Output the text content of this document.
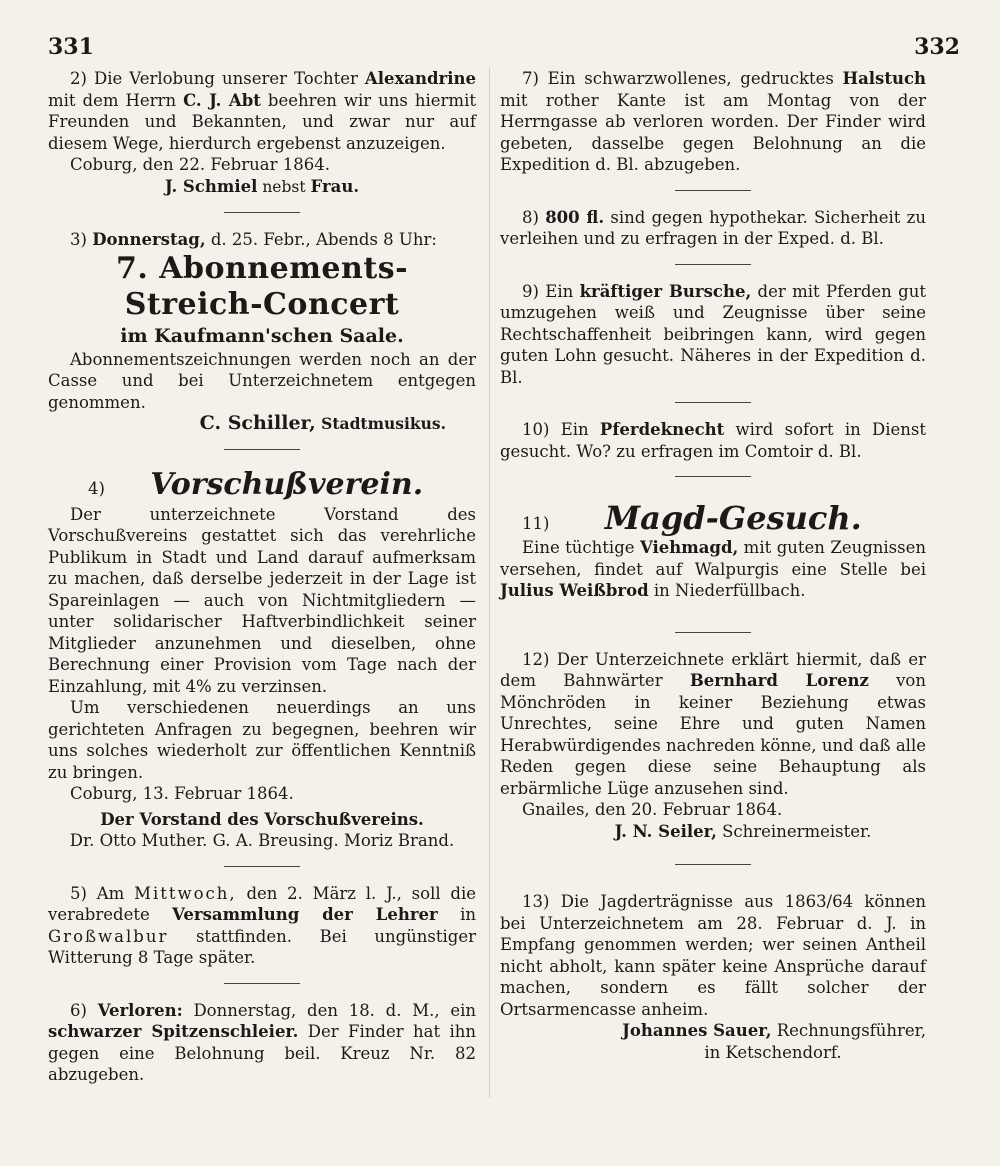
331	332

2) Die Verlobung unserer Tochter Alexandrine mit dem Herrn C. J. Abt beehren wir uns hiermit Freunden und Bekannten, und zwar nur auf diesem Wege, hierdurch ergebenst anzuzeigen.

Coburg, den 22. Februar 1864.

J. Schmiel nebst Frau.

3) Donnerstag, d. 25. Febr., Abends 8 Uhr:

7. Abonnements-Streich-Concert

im Kaufmann'schen Saale.

Abonnementszeichnungen werden noch an der Casse und bei Unterzeichnetem entgegen genommen.

C. Schiller, Stadtmusikus.

4) Vorschußverein.

Der unterzeichnete Vorstand des Vorschußvereins gestattet sich das verehrliche Publikum in Stadt und Land darauf aufmerksam zu machen, daß derselbe jederzeit in der Lage ist Spareinlagen — auch von Nichtmitgliedern — unter solidarischer Haftverbindlichkeit seiner Mitglieder anzunehmen und dieselben, ohne Berechnung einer Provision vom Tage nach der Einzahlung, mit 4% zu verzinsen.

Um verschiedenen neuerdings an uns gerichteten Anfragen zu begegnen, beehren wir uns solches wiederholt zur öffentlichen Kenntniß zu bringen.

Coburg, 13. Februar 1864.

Der Vorstand des Vorschußvereins.

Dr. Otto Muther. G. A. Breusing. Moriz Brand.

5) Am Mittwoch, den 2. März l. J., soll die verabredete Versammlung der Lehrer in Großwalbur stattfinden. Bei ungünstiger Witterung 8 Tage später.

6) Verloren: Donnerstag, den 18. d. M., ein schwarzer Spitzenschleier. Der Finder hat ihn gegen eine Belohnung beil. Kreuz Nr. 82 abzugeben.

7) Ein schwarzwollenes, gedrucktes Halstuch mit rother Kante ist am Montag von der Herrngasse ab verloren worden. Der Finder wird gebeten, dasselbe gegen Belohnung an die Expedition d. Bl. abzugeben.

8) 800 fl. sind gegen hypothekar. Sicherheit zu verleihen und zu erfragen in der Exped. d. Bl.

9) Ein kräftiger Bursche, der mit Pferden gut umzugehen weiß und Zeugnisse über seine Rechtschaffenheit beibringen kann, wird gegen guten Lohn gesucht. Näheres in der Expedition d. Bl.

10) Ein Pferdeknecht wird sofort in Dienst gesucht. Wo? zu erfragen im Comtoir d. Bl.

11) Magd-Gesuch.

Eine tüchtige Viehmagd, mit guten Zeugnissen versehen, findet auf Walpurgis eine Stelle bei Julius Weißbrod in Niederfüllbach.

12) Der Unterzeichnete erklärt hiermit, daß er dem Bahnwärter Bernhard Lorenz von Mönchröden in keiner Beziehung etwas Unrechtes, seine Ehre und guten Namen Herabwürdigendes nachreden könne, und daß alle Reden gegen diese seine Behauptung als erbärmliche Lüge anzusehen sind.

Gnailes, den 20. Februar 1864.

J. N. Seiler, Schreinermeister.

13) Die Jagderträgnisse aus 1863/64 können bei Unterzeichnetem am 28. Februar d. J. in Empfang genommen werden; wer seinen Antheil nicht abholt, kann später keine Ansprüche darauf machen, sondern es fällt solcher der Ortsarmencasse anheim.

Johannes Sauer, Rechnungsführer,

in Ketschendorf.
